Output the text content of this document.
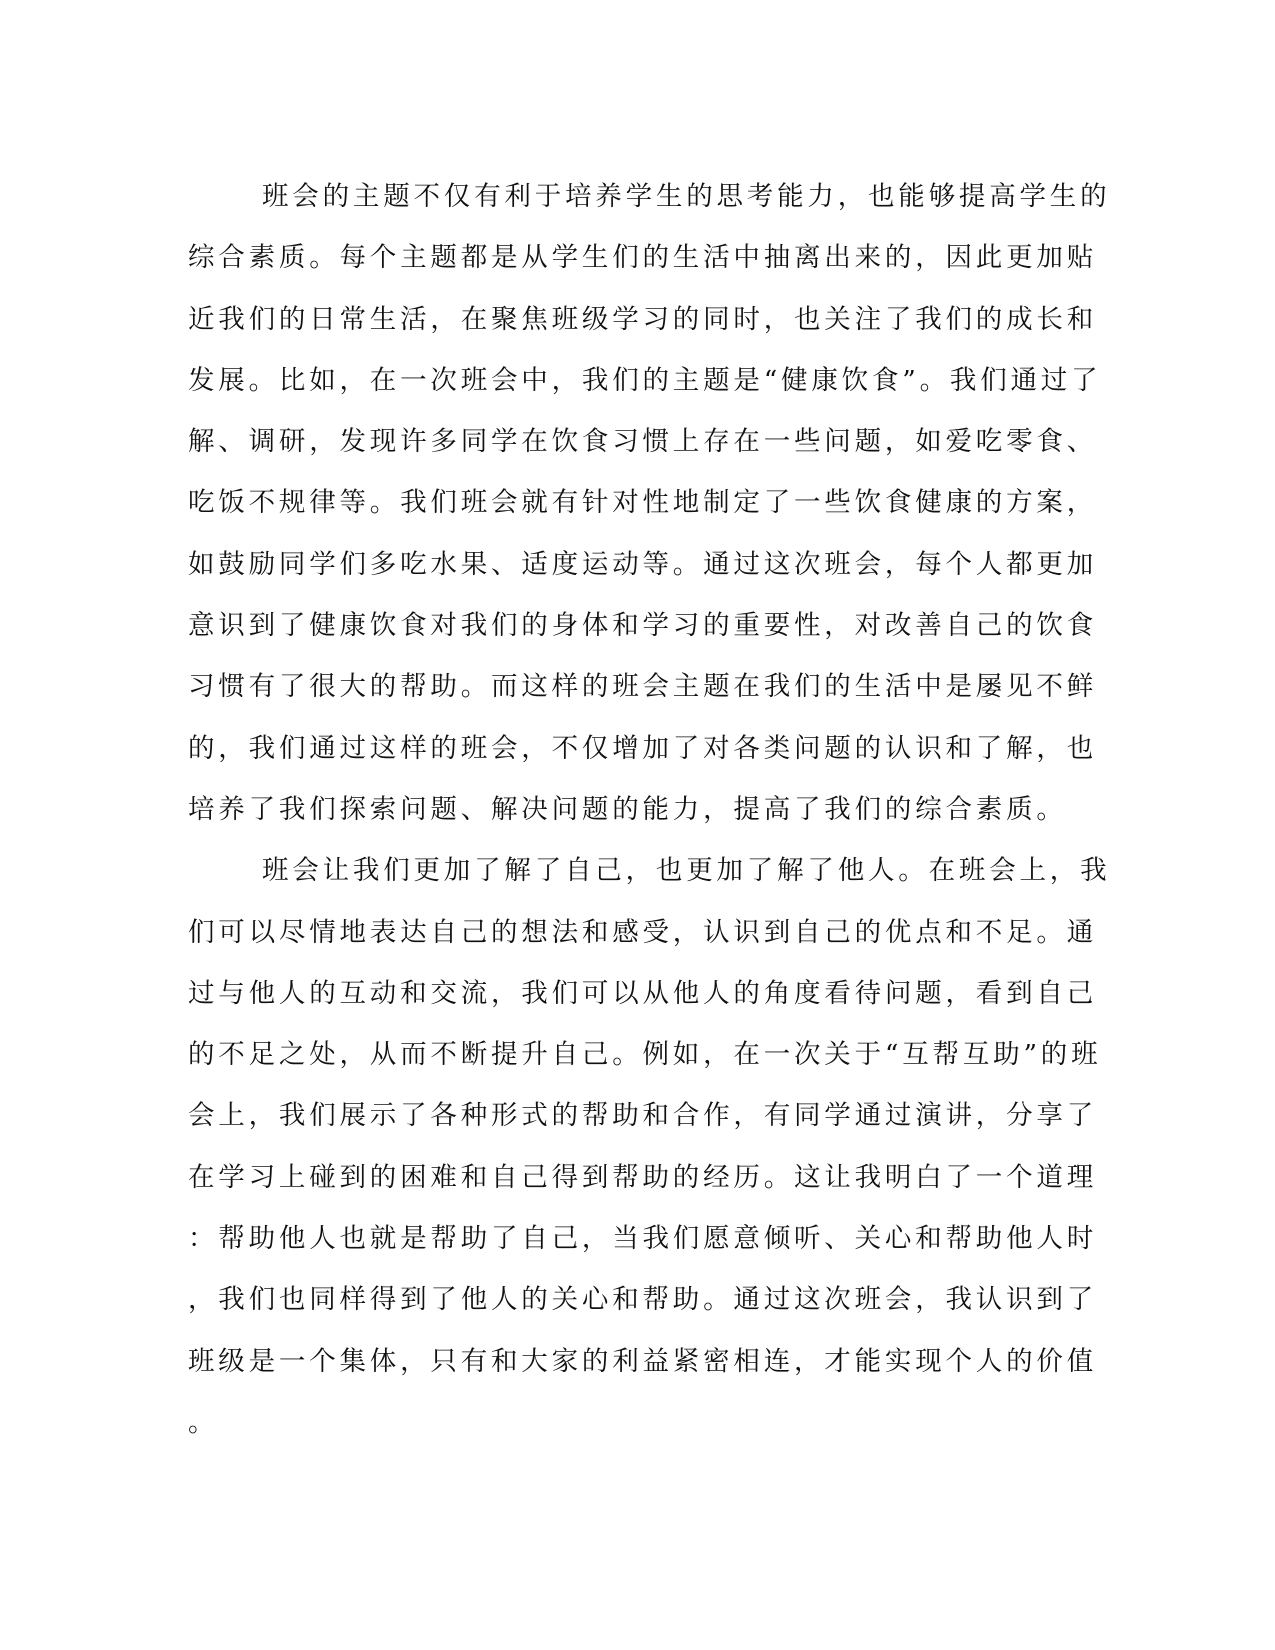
班会的主题不仅有利于培养学生的思考能力，也能够提高学生的
综合素质。每个主题都是从学生们的生活中抽离出来的，因此更加贴
近我们的日常生活，在聚焦班级学习的同时，也关注了我们的成长和
发展。比如，在一次班会中，我们的主题是“健康饮食”。我们通过了
解、调研，发现许多同学在饮食习惯上存在一些问题，如爱吃零食、
吃饭不规律等。我们班会就有针对性地制定了一些饮食健康的方案，
如鼓励同学们多吃水果、适度运动等。通过这次班会，每个人都更加
意识到了健康饮食对我们的身体和学习的重要性，对改善自己的饮食
习惯有了很大的帮助。而这样的班会主题在我们的生活中是屡见不鲜
的，我们通过这样的班会，不仅增加了对各类问题的认识和了解，也
培养了我们探索问题、解决问题的能力，提高了我们的综合素质。
班会让我们更加了解了自己，也更加了解了他人。在班会上，我
们可以尽情地表达自己的想法和感受，认识到自己的优点和不足。通
过与他人的互动和交流，我们可以从他人的角度看待问题，看到自己
的不足之处，从而不断提升自己。例如，在一次关于“互帮互助”的班
会上，我们展示了各种形式的帮助和合作，有同学通过演讲，分享了
在学习上碰到的困难和自己得到帮助的经历。这让我明白了一个道理
：帮助他人也就是帮助了自己，当我们愿意倾听、关心和帮助他人时
，我们也同样得到了他人的关心和帮助。通过这次班会，我认识到了
班级是一个集体，只有和大家的利益紧密相连，才能实现个人的价值
。
